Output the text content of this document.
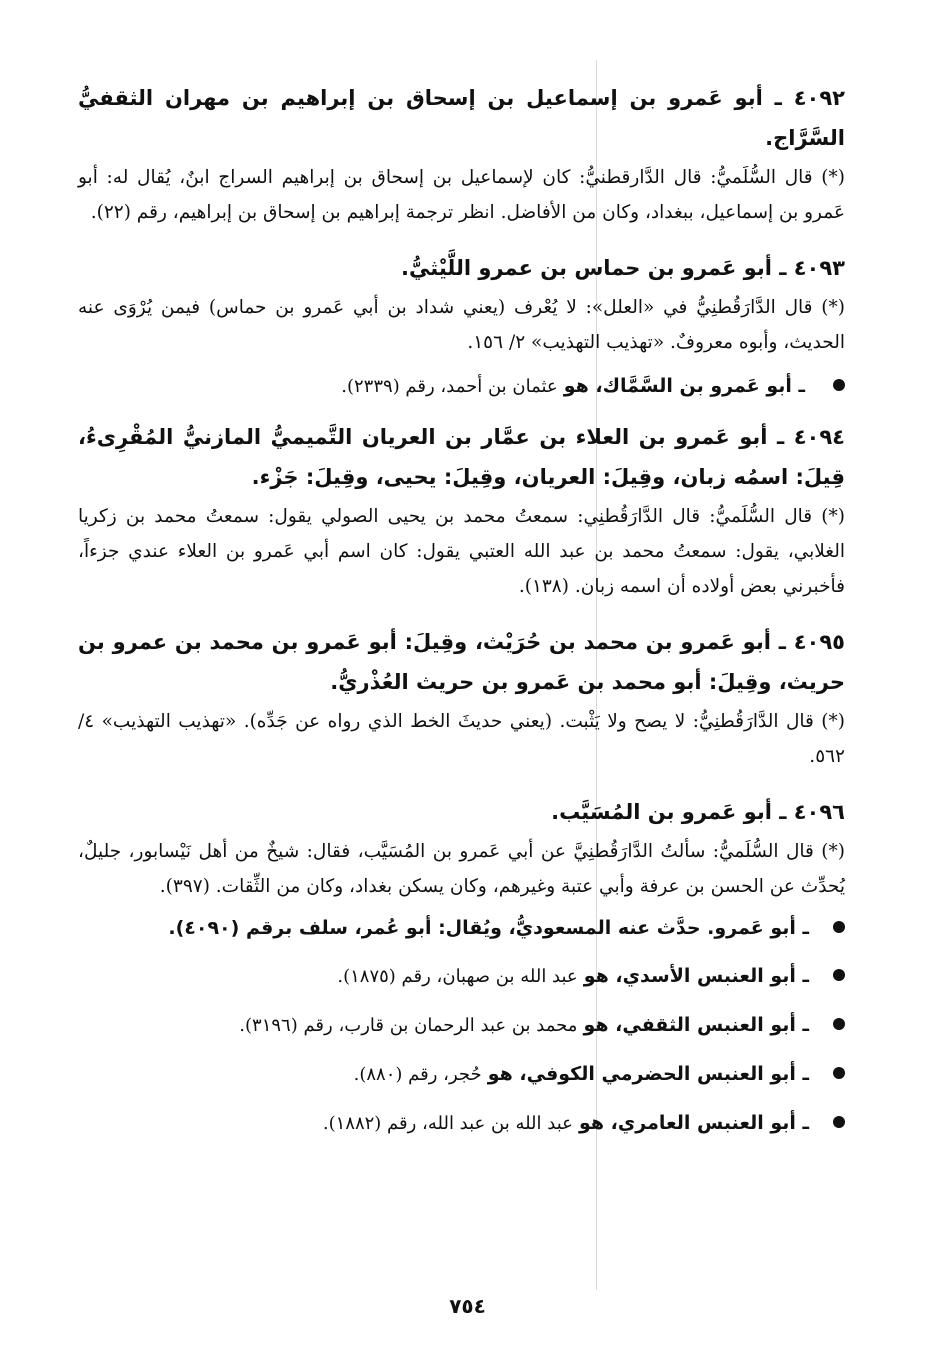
٤٠٩٢ ـ أبو عَمرو بن إسماعيل بن إسحاق بن إبراهيم بن مهران الثقفيُّ السَّرَّاج.

(*) قال السُّلَميُّ: قال الدَّارقطنيُّ: كان لإسماعيل بن إسحاق بن إبراهيم السراج ابنٌ، يُقال له: أبو عَمرو بن إسماعيل، ببغداد، وكان من الأفاضل. انظر ترجمة إبراهيم بن إسحاق بن إبراهيم، رقم (٢٢).

٤٠٩٣ ـ أبو عَمرو بن حماس بن عمرو اللَّيْثيُّ.

(*) قال الدَّارَقُطنِيُّ في «العلل»: لا يُعْرف (يعني شداد بن أبي عَمرو بن حماس) فيمن يُرْوَى عنه الحديث، وأبوه معروفٌ. «تهذيب التهذيب» ٢/ ١٥٦.

ـ أبو عَمرو بن السَّمَّاك، هو عثمان بن أحمد، رقم (٢٣٣٩).

٤٠٩٤ ـ أبو عَمرو بن العلاء بن عمَّار بن العريان التَّميميُّ المازنيُّ المُقْرِىءُ، قِيلَ: اسمُه زبان، وقِيلَ: العريان، وقِيلَ: يحيى، وقِيلَ: جَزْء.

(*) قال السُّلَميُّ: قال الدَّارَقُطنِي: سمعتُ محمد بن يحيى الصولي يقول: سمعتُ محمد بن زكريا الغلابي، يقول: سمعتُ محمد بن عبد الله العتبي يقول: كان اسم أبي عَمرو بن العلاء عندي جزءاً، فأخبرني بعض أولاده أن اسمه زبان. (١٣٨).

٤٠٩٥ ـ أبو عَمرو بن محمد بن حُرَيْث، وقِيلَ: أبو عَمرو بن محمد بن عمرو بن حريث، وقِيلَ: أبو محمد بن عَمرو بن حريث العُذْريُّ.

(*) قال الدَّارَقُطنِيُّ: لا يصح ولا يَثْبت. (يعني حديثَ الخط الذي رواه عن جَدِّه). «تهذيب التهذيب» ٤/ ٥٦٢.

٤٠٩٦ ـ أبو عَمرو بن المُسَيَّب.

(*) قال السُّلَميُّ: سألتُ الدَّارَقُطنِيَّ عن أبي عَمرو بن المُسَيَّب، فقال: شيخٌ من أهل نَيْسابور، جليلٌ، يُحدِّث عن الحسن بن عرفة وأبي عتبة وغيرهم، وكان يسكن بغداد، وكان من الثِّقات. (٣٩٧).

ـ أبو عَمرو. حدَّث عنه المسعوديُّ، ويُقال: أبو عُمر، سلف برقم (٤٠٩٠).
ـ أبو العنبس الأسدي، هو عبد الله بن صهبان، رقم (١٨٧٥).
ـ أبو العنبس الثقفي، هو محمد بن عبد الرحمان بن قارب، رقم (٣١٩٦).
ـ أبو العنبس الحضرمي الكوفي، هو حُجر، رقم (٨٨٠).
ـ أبو العنبس العامري، هو عبد الله بن عبد الله، رقم (١٨٨٢).
٧٥٤
